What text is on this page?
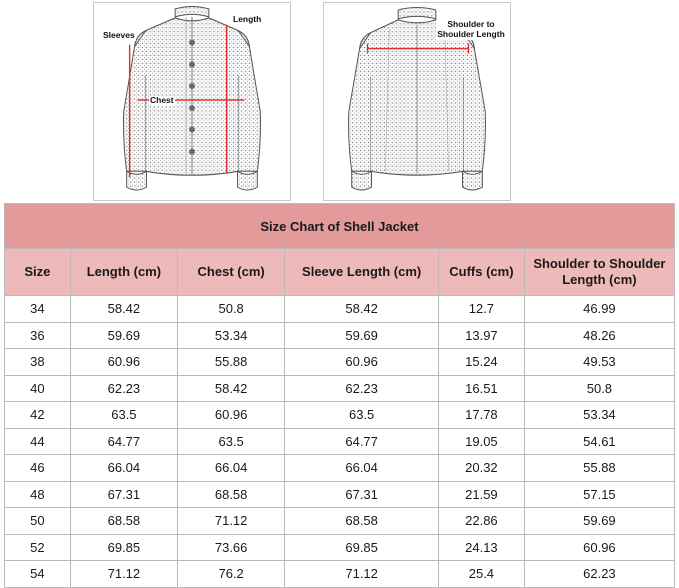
Sleeves
Length
Chest
Shoulder to Shoulder Length
Size Chart of Shell Jacket					
Size	Length (cm)	Chest (cm)	Sleeve Length (cm)	Cuffs (cm)	Shoulder to Shoulder Length (cm)
34	58.42	50.8	58.42	12.7	46.99
36	59.69	53.34	59.69	13.97	48.26
38	60.96	55.88	60.96	15.24	49.53
40	62.23	58.42	62.23	16.51	50.8
42	63.5	60.96	63.5	17.78	53.34
44	64.77	63.5	64.77	19.05	54.61
46	66.04	66.04	66.04	20.32	55.88
48	67.31	68.58	67.31	21.59	57.15
50	68.58	71.12	68.58	22.86	59.69
52	69.85	73.66	69.85	24.13	60.96
54	71.12	76.2	71.12	25.4	62.23
